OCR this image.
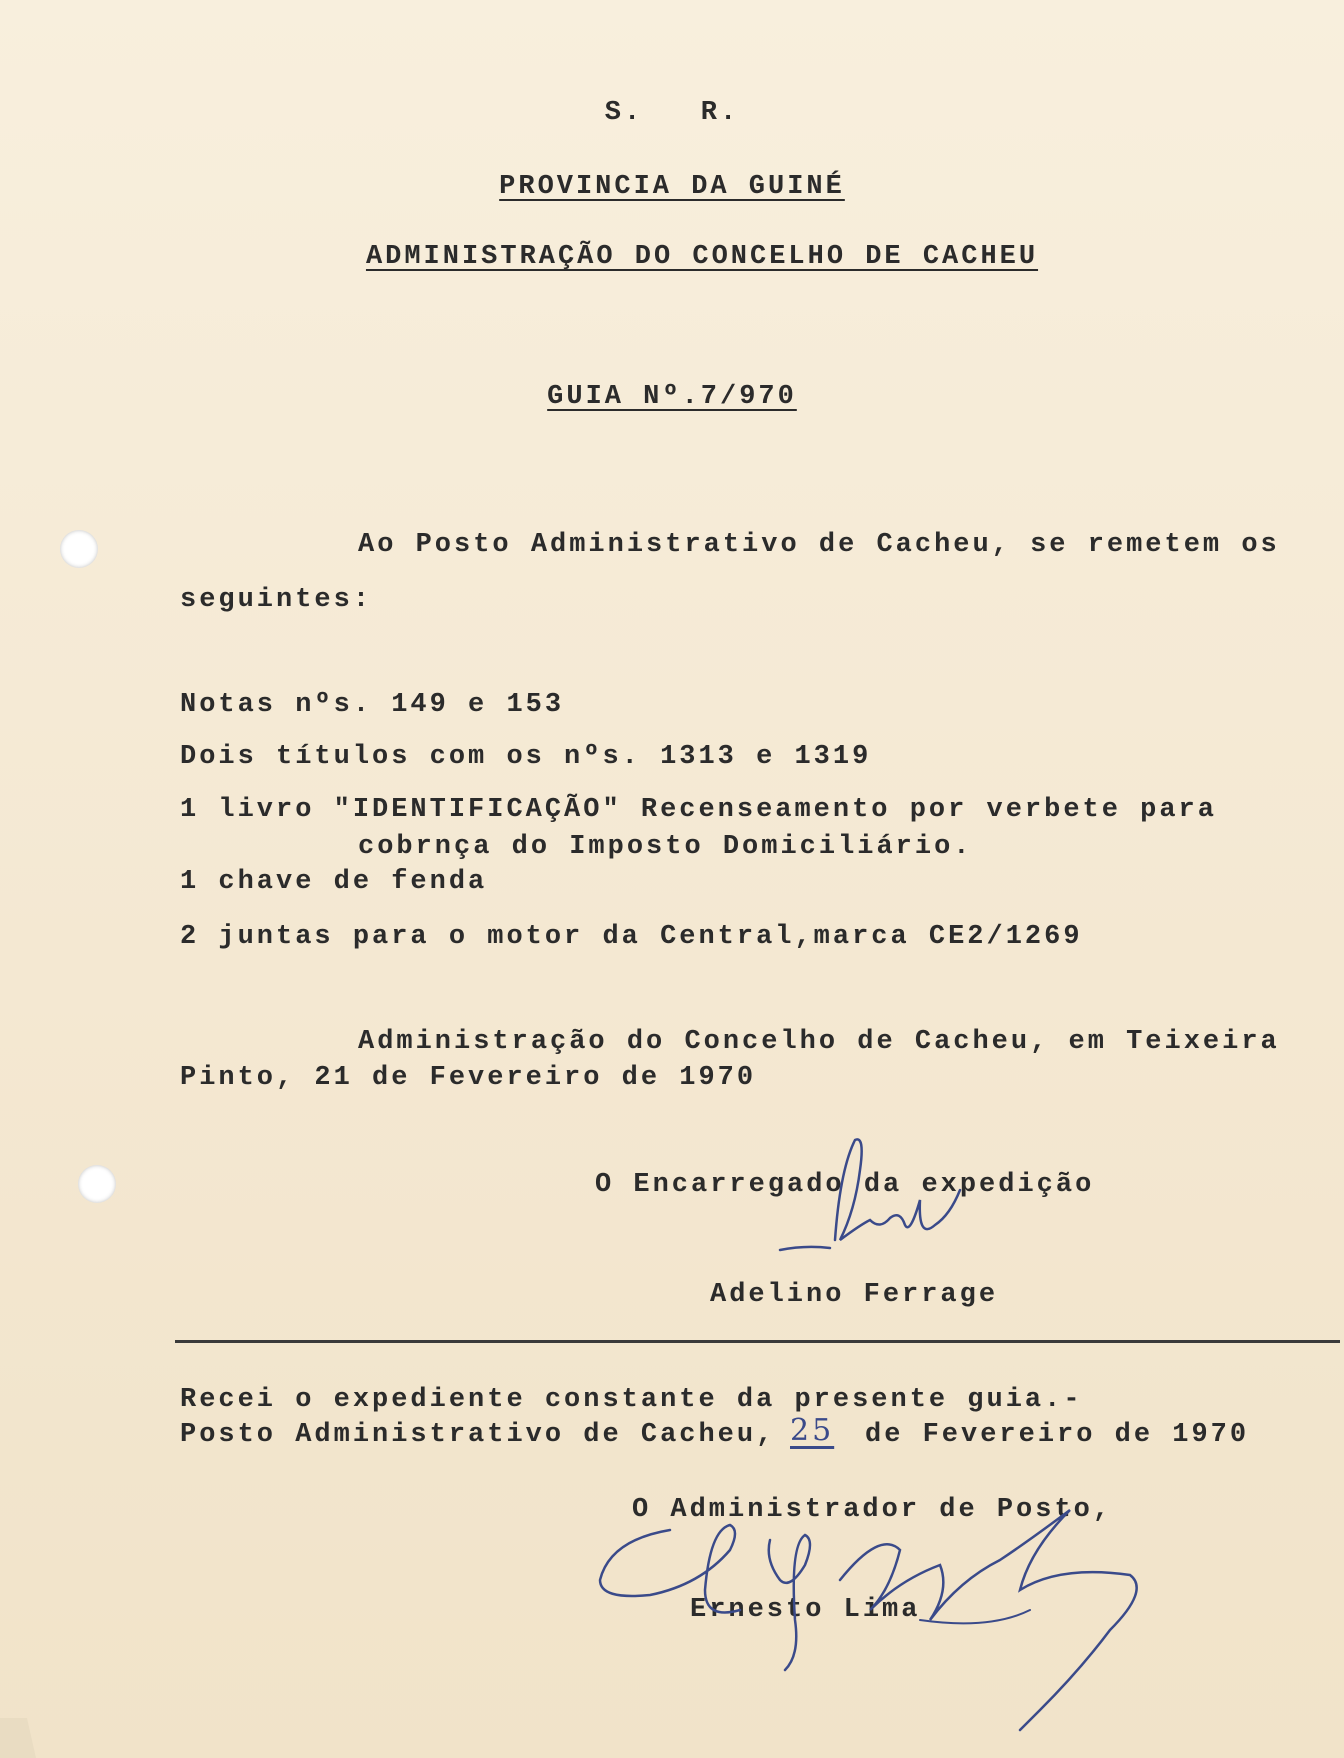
S.   R.
PROVINCIA DA GUINÉ
ADMINISTRAÇÃO DO CONCELHO DE CACHEU
GUIA Nº.7/970
Ao Posto Administrativo de Cacheu, se remetem os
seguintes:
Notas nºs. 149 e 153
Dois títulos com os nºs. 1313 e 1319
1 livro "IDENTIFICAÇÃO" Recenseamento por verbete para
cobrnça do Imposto Domiciliário.
1 chave de fenda
2 juntas para o motor da Central,marca CE2/1269
Administração do Concelho de Cacheu, em Teixeira
Pinto, 21 de Fevereiro de 1970
O Encarregado da expedição
Adelino Ferrage
Recei o expediente constante da presente guia.-
Posto Administrativo de Cacheu, 25 de Fevereiro de 1970
O Administrador de Posto,
Ernesto Lima
